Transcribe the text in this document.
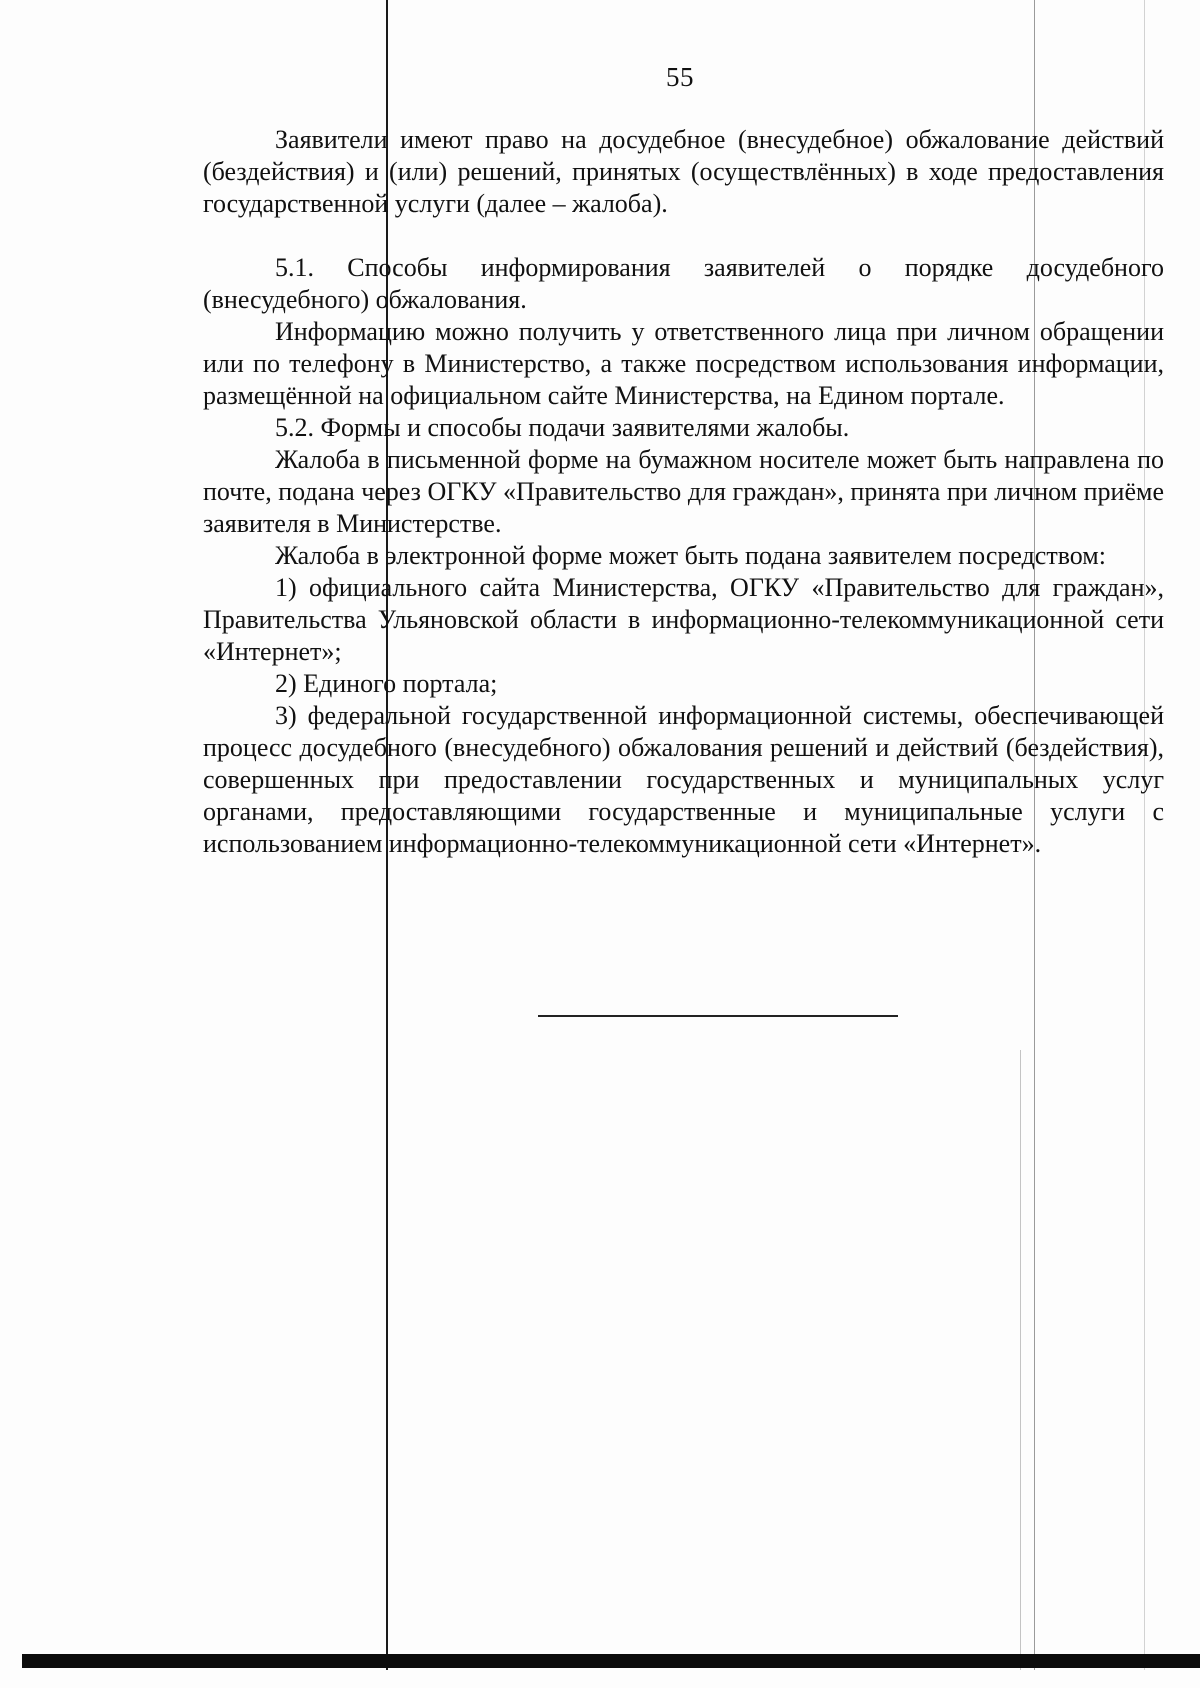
55

Заявители имеют право на досудебное (внесудебное) обжалование действий (бездействия) и (или) решений, принятых (осуществлённых) в ходе предоставления государственной услуги (далее – жалоба).

5.1. Способы информирования заявителей о порядке досудебного (внесудебного) обжалования.

Информацию можно получить у ответственного лица при личном обращении или по телефону в Министерство, а также посредством использования информации, размещённой на официальном сайте Министерства, на Едином портале.

5.2. Формы и способы подачи заявителями жалобы.

Жалоба в письменной форме на бумажном носителе может быть направлена по почте, подана через ОГКУ «Правительство для граждан», принята при личном приёме заявителя в Министерстве.

Жалоба в электронной форме может быть подана заявителем посредством:

1) официального сайта Министерства, ОГКУ «Правительство для граждан», Правительства Ульяновской области в информационно-телекоммуникационной сети «Интернет»;

2) Единого портала;

3) федеральной государственной информационной системы, обеспечивающей процесс досудебного (внесудебного) обжалования решений и действий (бездействия), совершенных при предоставлении государственных и муниципальных услуг органами, предоставляющими государственные и муниципальные услуги с использованием информационно-телекоммуникационной сети «Интернет».
